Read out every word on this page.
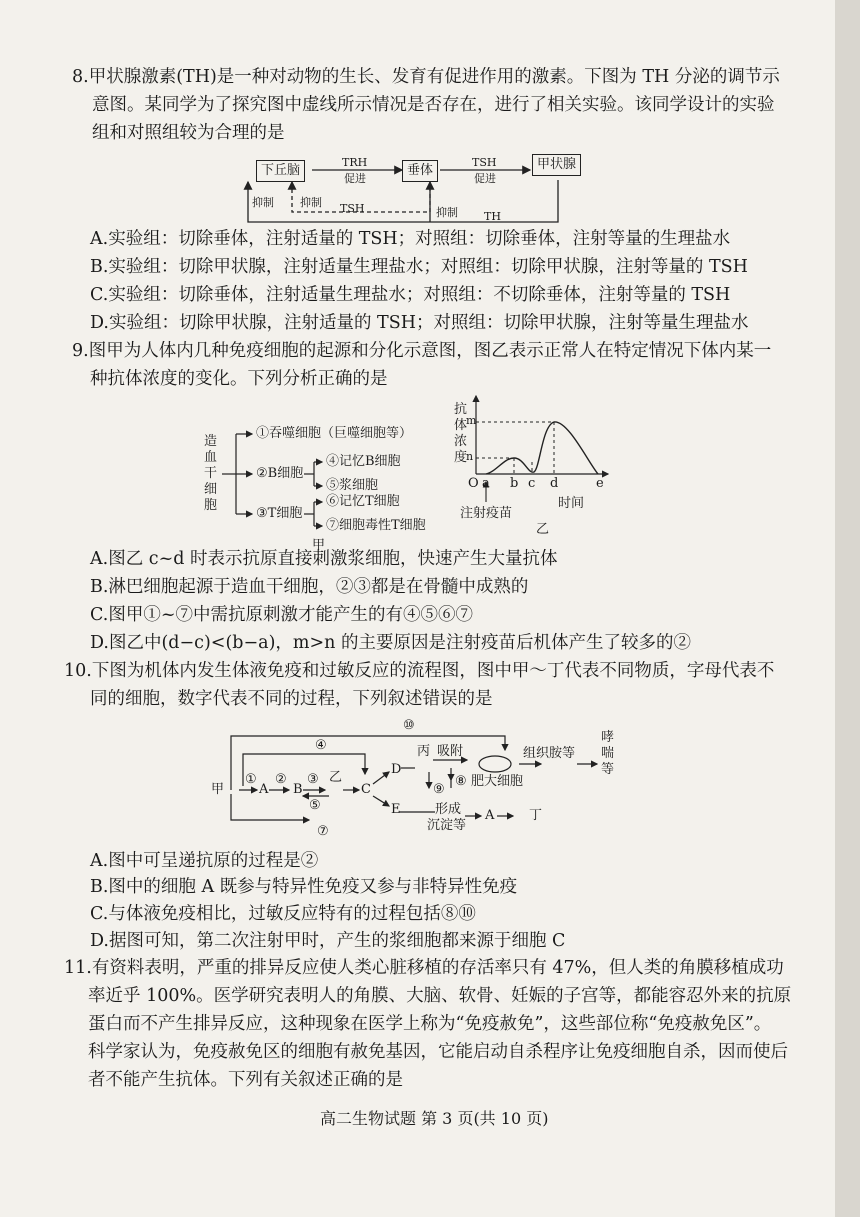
8.甲状腺激素(TH)是一种对动物的生长、发育有促进作用的激素。下图为 TH 分泌的调节示
意图。某同学为了探究图中虚线所示情况是否存在，进行了相关实验。该同学设计的实验
组和对照组较为合理的是
下丘脑	垂体	甲状腺
TRH
促进
TSH
促进
抑制 抑制 TSH	抑制 TH
A.实验组：切除垂体，注射适量的 TSH；对照组：切除垂体，注射等量的生理盐水
B.实验组：切除甲状腺，注射适量生理盐水；对照组：切除甲状腺，注射等量的 TSH
C.实验组：切除垂体，注射适量生理盐水；对照组：不切除垂体，注射等量的 TSH
D.实验组：切除甲状腺，注射适量的 TSH；对照组：切除甲状腺，注射等量生理盐水
9.图甲为人体内几种免疫细胞的起源和分化示意图，图乙表示正常人在特定情况下体内某一
种抗体浓度的变化。下列分析正确的是
造血干细胞
①吞噬细胞（巨噬细胞等）
②B细胞
④记忆B细胞
⑤浆细胞
③T细胞
⑥记忆T细胞
⑦细胞毒性T细胞
甲
抗体浓度
m
n
O a b c d	e
时间
注射疫苗
乙
A.图乙 c~d 时表示抗原直接刺激浆细胞，快速产生大量抗体
B.淋巴细胞起源于造血干细胞，②③都是在骨髓中成熟的
C.图甲①~⑦中需抗原刺激才能产生的有④⑤⑥⑦
D.图乙中(d−c)<(b−a)，m>n 的主要原因是注射疫苗后机体产生了较多的②
10.下图为机体内发生体液免疫和过敏反应的流程图，图中甲～丁代表不同物质，字母代表不
同的细胞，数字代表不同的过程，下列叙述错误的是
⑩
④
甲
①
A
②
B
③ 乙
⑤
C
D
E
丙 吸附
⑧ 肥大细胞
⑨
组织胺等
哮
喘
等
形成
沉淀等
A	丁
⑦
A.图中可呈递抗原的过程是②
B.图中的细胞 A 既参与特异性免疫又参与非特异性免疫
C.与体液免疫相比，过敏反应特有的过程包括⑧⑩
D.据图可知，第二次注射甲时，产生的浆细胞都来源于细胞 C
11.有资料表明，严重的排异反应使人类心脏移植的存活率只有 47%，但人类的角膜移植成功
率近乎 100%。医学研究表明人的角膜、大脑、软骨、妊娠的子宫等，都能容忍外来的抗原
蛋白而不产生排异反应，这种现象在医学上称为“免疫赦免”，这些部位称“免疫赦免区”。
科学家认为，免疫赦免区的细胞有赦免基因，它能启动自杀程序让免疫细胞自杀，因而使后
者不能产生抗体。下列有关叙述正确的是
高二生物试题 第 3 页(共 10 页)
